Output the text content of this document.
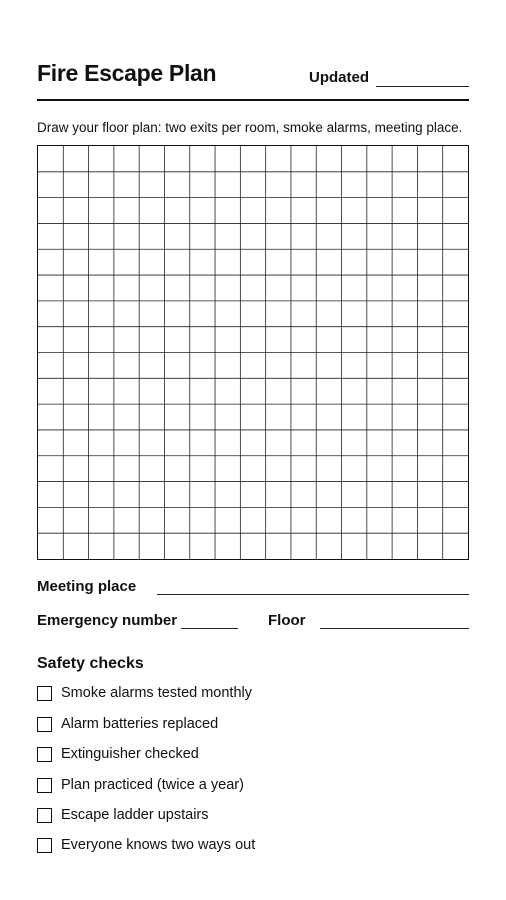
Fire Escape Plan	Updated
Draw your floor plan: two exits per room, smoke alarms, meeting place.
Meeting place
Emergency number	Floor
Safety checks
Smoke alarms tested monthly
Alarm batteries replaced
Extinguisher checked
Plan practiced (twice a year)
Escape ladder upstairs
Everyone knows two ways out
